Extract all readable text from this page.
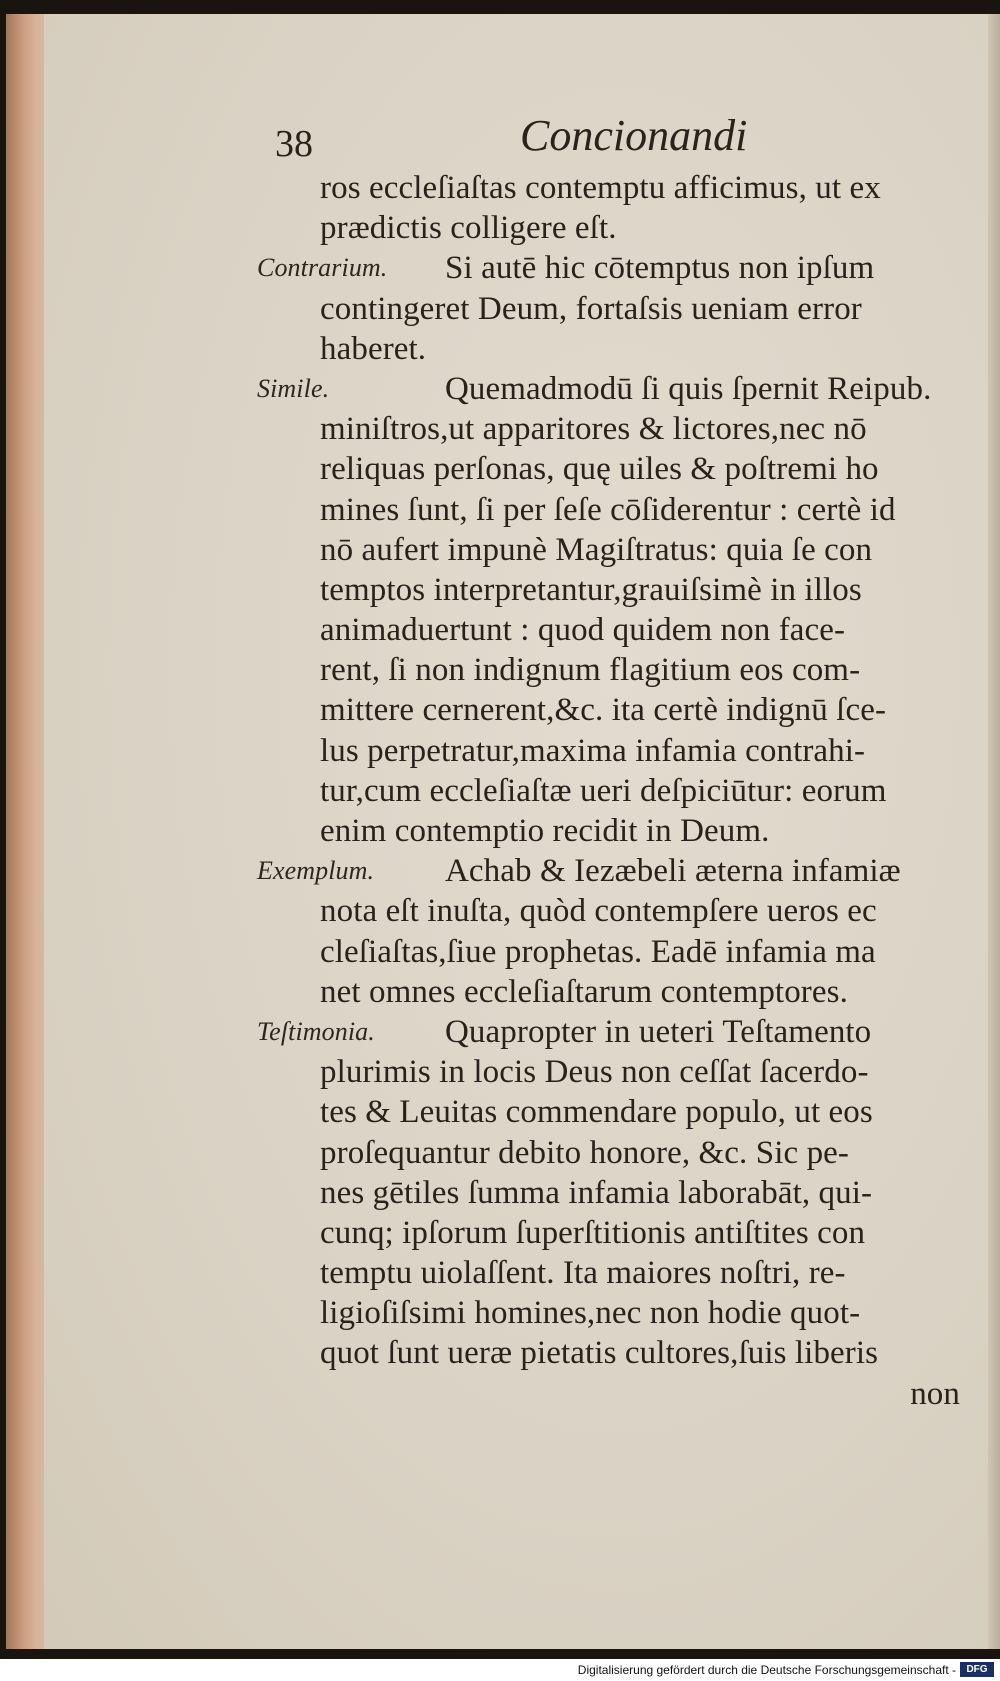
38	Concionandi
ros eccleſiaſtas contemptu afficimus, ut ex
prædictis colligere eſt.
Contrarium. Si autē hic cōtemptus non ipſum
contingeret Deum, fortaſsis ueniam error
haberet.
Simile.	Quemadmodū ſi quis ſpernit Reipub.
miniſtros,ut apparitores & lictores,nec nō
reliquas perſonas, quę uiles & poſtremi ho
mines ſunt, ſi per ſeſe cōſiderentur : certè id
nō aufert impunè Magiſtratus: quia ſe con
temptos interpretantur,grauiſsimè in illos
animaduertunt : quod quidem non face-
rent, ſi non indignum flagitium eos com-
mittere cernerent,&c. ita certè indignū ſce-
lus perpetratur,maxima infamia contrahi-
tur,cum eccleſiaſtæ ueri deſpiciūtur: eorum
enim contemptio recidit in Deum.
Exemplum. Achab & Iezæbeli æterna infamiæ
nota eſt inuſta, quòd contempſere ueros ec
cleſiaſtas,ſiue prophetas. Eadē infamia ma
net omnes eccleſiaſtarum contemptores.
Teſtimonia. Quapropter in ueteri Teſtamento
plurimis in locis Deus non ceſſat ſacerdo-
tes & Leuitas commendare populo, ut eos
proſequantur debito honore, &c. Sic pe-
nes gētiles ſumma infamia laborabāt, qui-
cunq; ipſorum ſuperſtitionis antiſtites con
temptu uiolaſſent. Ita maiores noſtri, re-
ligioſiſsimi homines,nec non hodie quot-
quot ſunt ueræ pietatis cultores,ſuis liberis
non
Digitalisierung gefördert durch die Deutsche Forschungsgemeinschaft -	DFG
